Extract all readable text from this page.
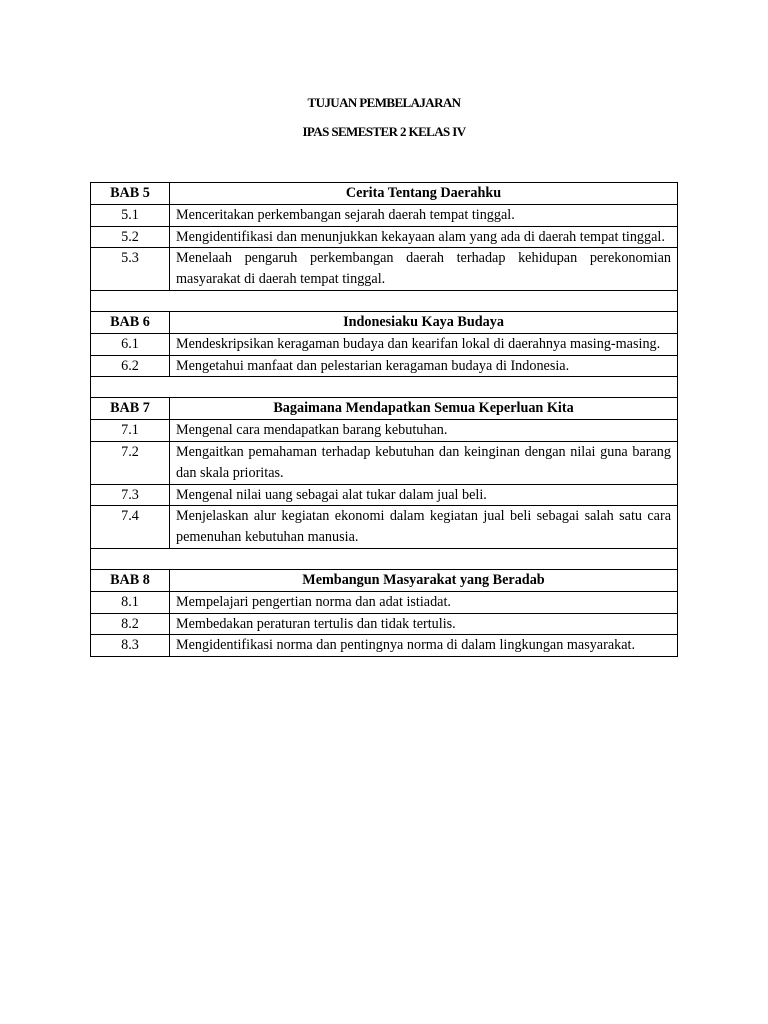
TUJUAN PEMBELAJARAN
IPAS SEMESTER 2 KELAS IV
BAB 5	Cerita Tentang Daerahku
5.1	Menceritakan perkembangan sejarah daerah tempat tinggal.
5.2	Mengidentifikasi dan menunjukkan kekayaan alam yang ada di daerah tempat tinggal.
5.3	Menelaah pengaruh perkembangan daerah terhadap kehidupan perekonomian masyarakat di daerah tempat tinggal.

BAB 6	Indonesiaku Kaya Budaya
6.1	Mendeskripsikan keragaman budaya dan kearifan lokal di daerahnya masing-masing.
6.2	Mengetahui manfaat dan pelestarian keragaman budaya di Indonesia.

BAB 7	Bagaimana Mendapatkan Semua Keperluan Kita
7.1	Mengenal cara mendapatkan barang kebutuhan.
7.2	Mengaitkan pemahaman terhadap kebutuhan dan keinginan dengan nilai guna barang dan skala prioritas.
7.3	Mengenal nilai uang sebagai alat tukar dalam jual beli.
7.4	Menjelaskan alur kegiatan ekonomi dalam kegiatan jual beli sebagai salah satu cara pemenuhan kebutuhan manusia.

BAB 8	Membangun Masyarakat yang Beradab
8.1	Mempelajari pengertian norma dan adat istiadat.
8.2	Membedakan peraturan tertulis dan tidak tertulis.
8.3	Mengidentifikasi norma dan pentingnya norma di dalam lingkungan masyarakat.
